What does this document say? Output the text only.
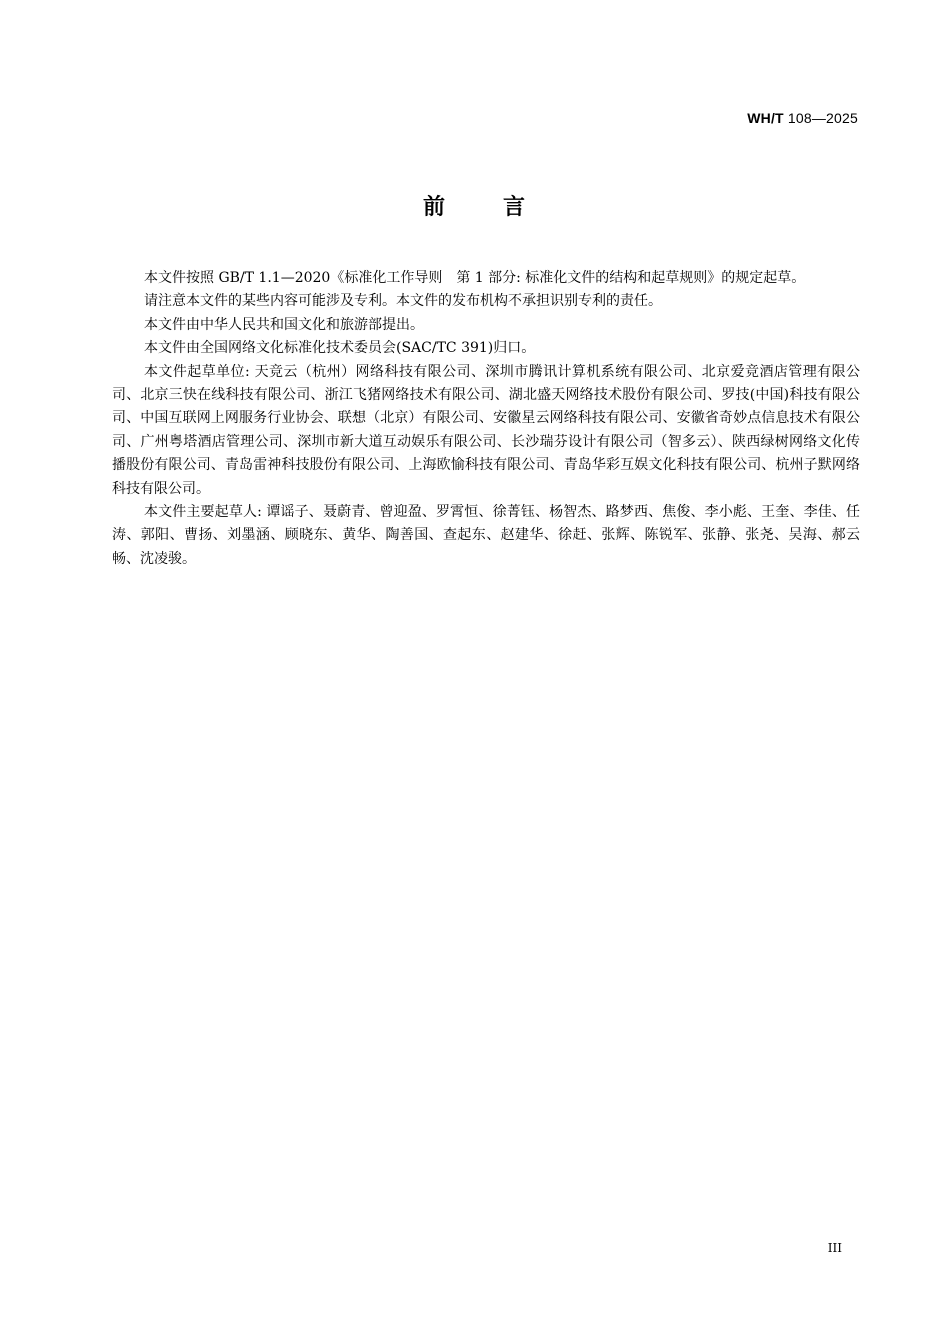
WH/T 108—2025
前	言

本文件按照 GB/T 1.1—2020《标准化工作导则　第 1 部分: 标准化文件的结构和起草规则》的规定起草。

请注意本文件的某些内容可能涉及专利。本文件的发布机构不承担识别专利的责任。

本文件由中华人民共和国文化和旅游部提出。

本文件由全国网络文化标准化技术委员会(SAC/TC 391)归口。

本文件起草单位: 天竞云（杭州）网络科技有限公司、深圳市腾讯计算机系统有限公司、北京爱竞酒店管理有限公司、北京三快在线科技有限公司、浙江飞猪网络技术有限公司、湖北盛天网络技术股份有限公司、罗技(中国)科技有限公司、中国互联网上网服务行业协会、联想（北京）有限公司、安徽星云网络科技有限公司、安徽省奇妙点信息技术有限公司、广州粤塔酒店管理公司、深圳市新大道互动娱乐有限公司、长沙瑞芬设计有限公司（智多云）、陕西绿树网络文化传播股份有限公司、青岛雷神科技股份有限公司、上海欧愉科技有限公司、青岛华彩互娱文化科技有限公司、杭州子默网络科技有限公司。

本文件主要起草人: 谭谣子、聂蔚青、曾迎盈、罗霄恒、徐菁钰、杨智杰、路梦西、焦俊、李小彪、王奎、李佳、任涛、郭阳、曹扬、刘墨涵、顾晓东、黄华、陶善国、查起东、赵建华、徐赶、张辉、陈锐军、张静、张尧、吴海、郝云畅、沈凌骏。

III
